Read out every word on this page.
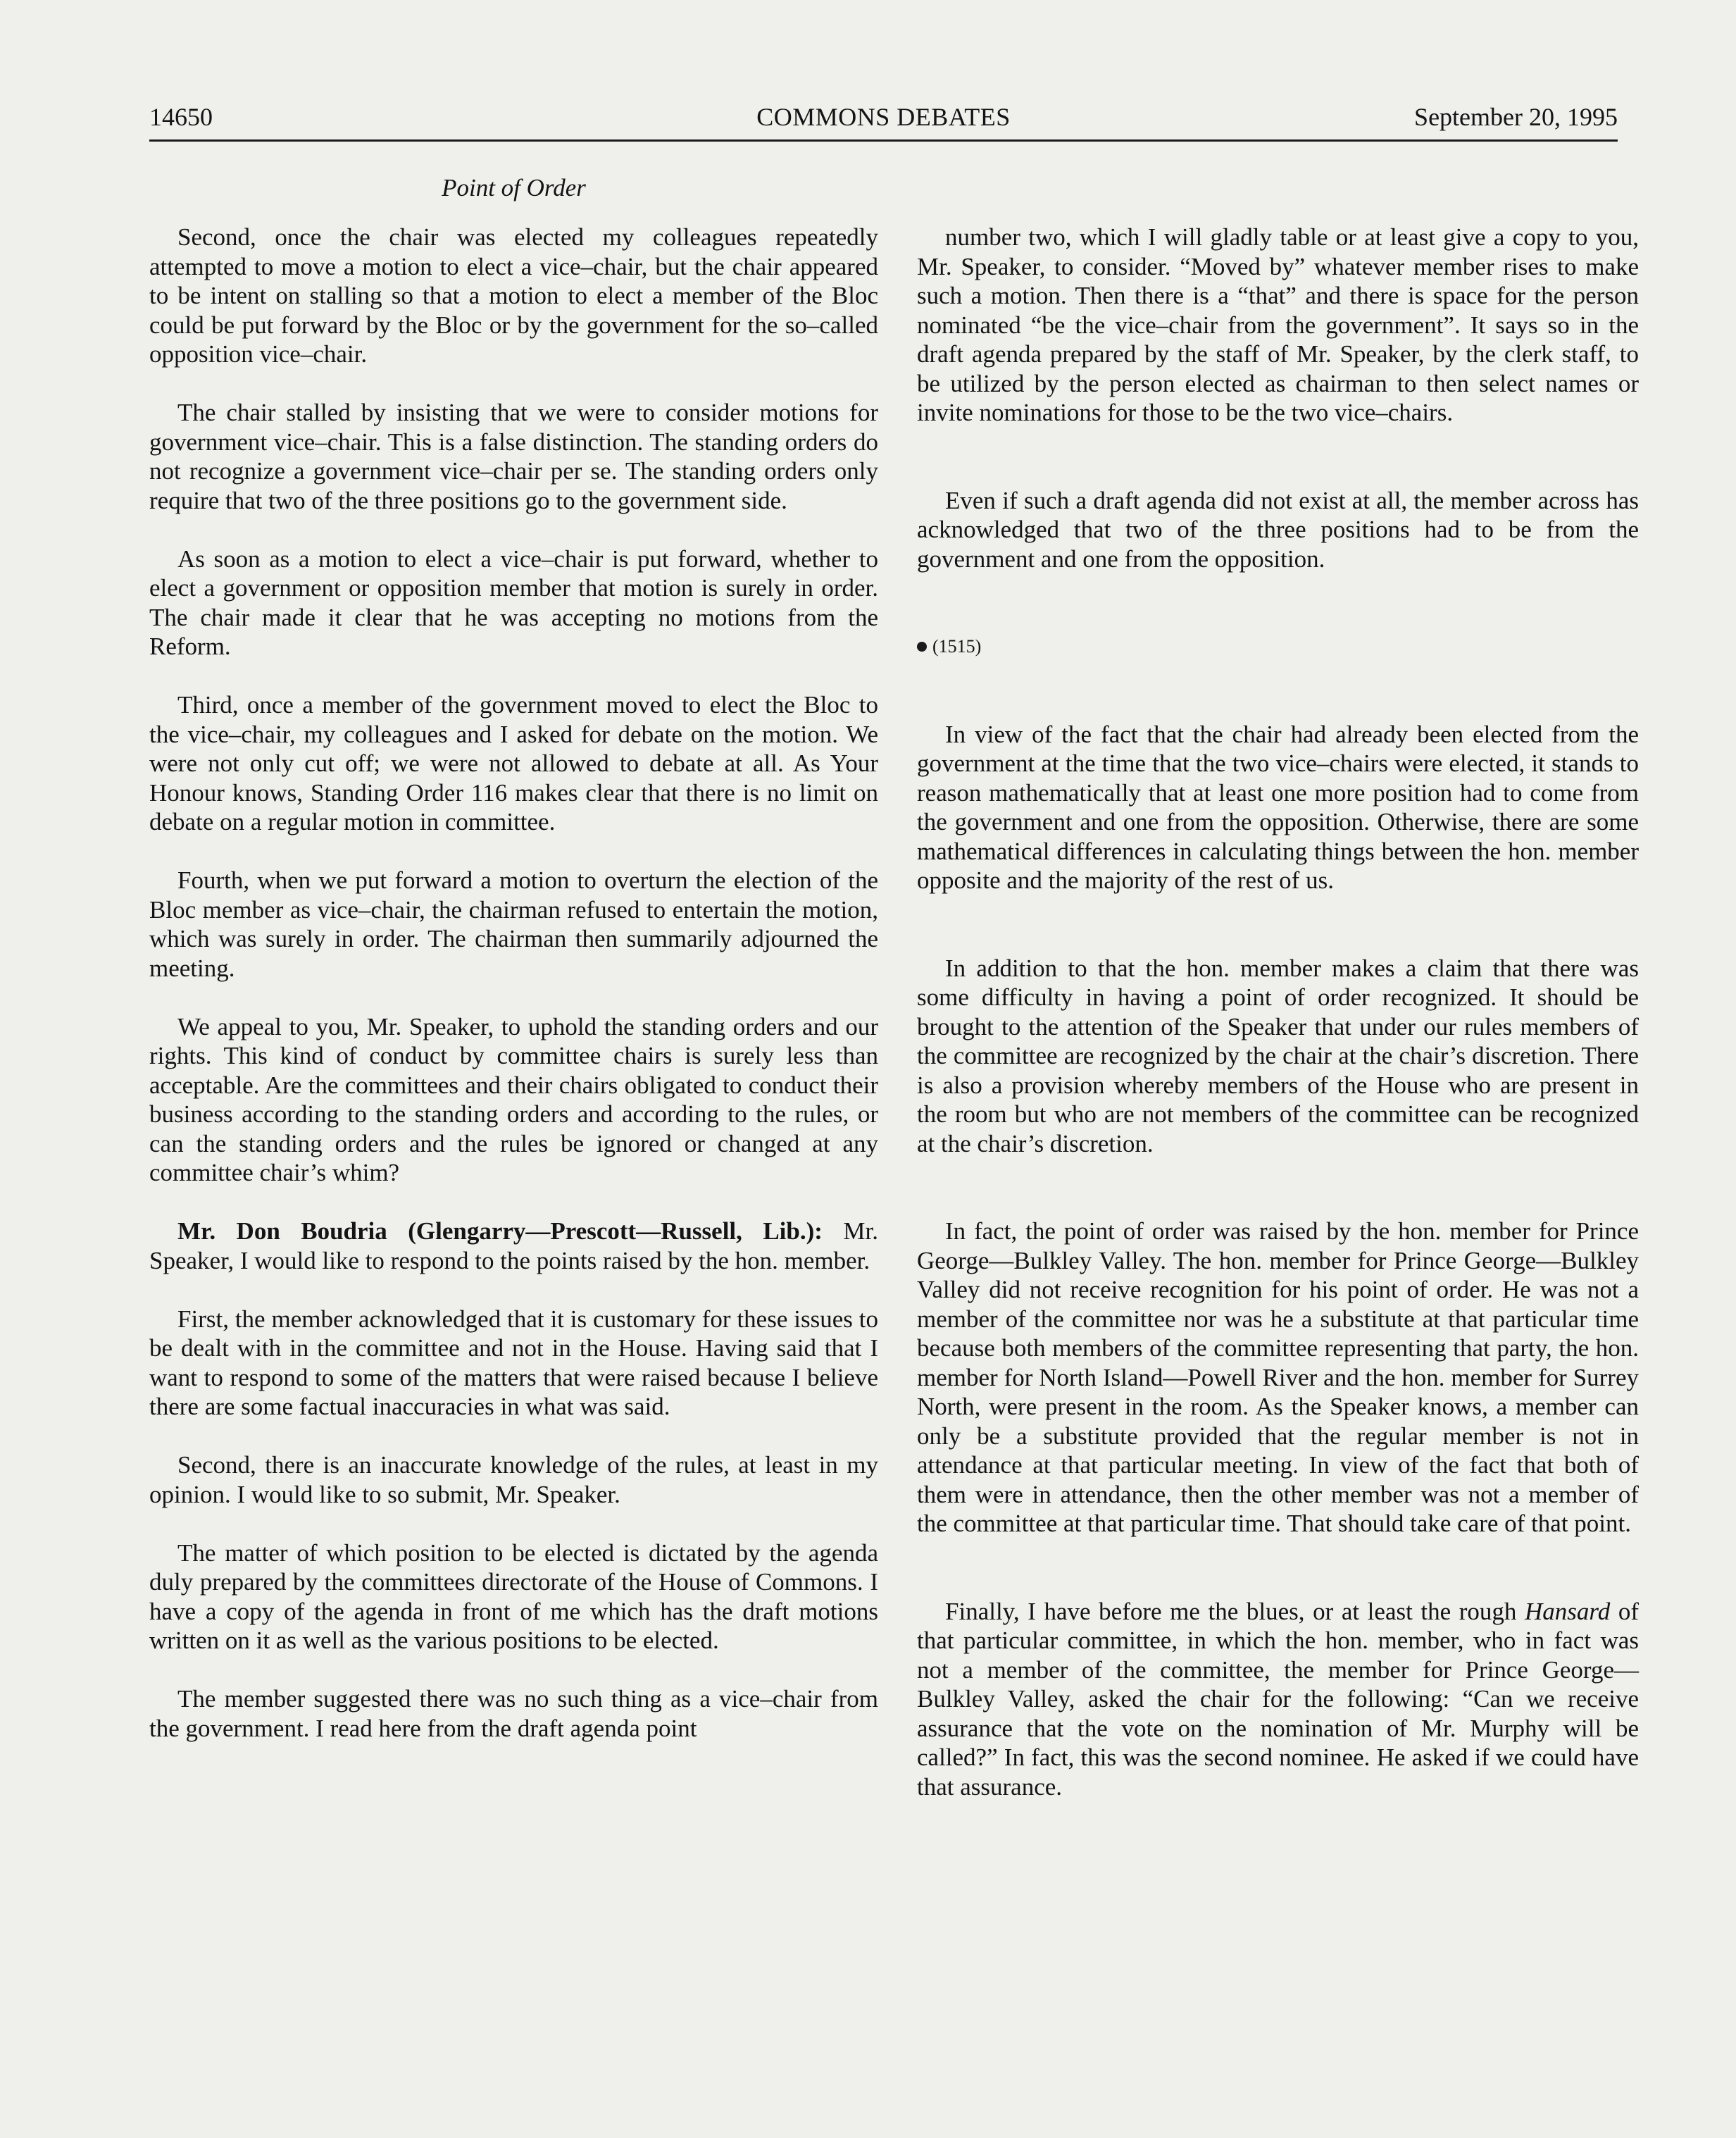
14650	COMMONS DEBATES	September 20, 1995
Point of Order

Second, once the chair was elected my colleagues repeatedly attempted to move a motion to elect a vice–chair, but the chair appeared to be intent on stalling so that a motion to elect a member of the Bloc could be put forward by the Bloc or by the government for the so–called opposition vice–chair.

The chair stalled by insisting that we were to consider motions for government vice–chair. This is a false distinction. The standing orders do not recognize a government vice–chair per se. The standing orders only require that two of the three positions go to the government side.

As soon as a motion to elect a vice–chair is put forward, whether to elect a government or opposition member that motion is surely in order. The chair made it clear that he was accepting no motions from the Reform.

Third, once a member of the government moved to elect the Bloc to the vice–chair, my colleagues and I asked for debate on the motion. We were not only cut off; we were not allowed to debate at all. As Your Honour knows, Standing Order 116 makes clear that there is no limit on debate on a regular motion in committee.

Fourth, when we put forward a motion to overturn the election of the Bloc member as vice–chair, the chairman refused to entertain the motion, which was surely in order. The chairman then summarily adjourned the meeting.

We appeal to you, Mr. Speaker, to uphold the standing orders and our rights. This kind of conduct by committee chairs is surely less than acceptable. Are the committees and their chairs obligated to conduct their business according to the standing orders and according to the rules, or can the standing orders and the rules be ignored or changed at any committee chair’s whim?

Mr. Don Boudria (Glengarry—Prescott—Russell, Lib.): Mr. Speaker, I would like to respond to the points raised by the hon. member.

First, the member acknowledged that it is customary for these issues to be dealt with in the committee and not in the House. Having said that I want to respond to some of the matters that were raised because I believe there are some factual inaccuracies in what was said.

Second, there is an inaccurate knowledge of the rules, at least in my opinion. I would like to so submit, Mr. Speaker.

The matter of which position to be elected is dictated by the agenda duly prepared by the committees directorate of the House of Commons. I have a copy of the agenda in front of me which has the draft motions written on it as well as the various positions to be elected.

The member suggested there was no such thing as a vice–chair from the government. I read here from the draft agenda point

number two, which I will gladly table or at least give a copy to you, Mr. Speaker, to consider. “Moved by” whatever member rises to make such a motion. Then there is a “that” and there is space for the person nominated “be the vice–chair from the government”. It says so in the draft agenda prepared by the staff of Mr. Speaker, by the clerk staff, to be utilized by the person elected as chairman to then select names or invite nominations for those to be the two vice–chairs.

Even if such a draft agenda did not exist at all, the member across has acknowledged that two of the three positions had to be from the government and one from the opposition.

(1515)

In view of the fact that the chair had already been elected from the government at the time that the two vice–chairs were elected, it stands to reason mathematically that at least one more position had to come from the government and one from the opposition. Otherwise, there are some mathematical differences in calculating things between the hon. member opposite and the majority of the rest of us.

In addition to that the hon. member makes a claim that there was some difficulty in having a point of order recognized. It should be brought to the attention of the Speaker that under our rules members of the committee are recognized by the chair at the chair’s discretion. There is also a provision whereby members of the House who are present in the room but who are not members of the committee can be recognized at the chair’s discretion.

In fact, the point of order was raised by the hon. member for Prince George—Bulkley Valley. The hon. member for Prince George—Bulkley Valley did not receive recognition for his point of order. He was not a member of the committee nor was he a substitute at that particular time because both members of the committee representing that party, the hon. member for North Island—Powell River and the hon. member for Surrey North, were present in the room. As the Speaker knows, a member can only be a substitute provided that the regular member is not in attendance at that particular meeting. In view of the fact that both of them were in attendance, then the other member was not a member of the committee at that particular time. That should take care of that point.

Finally, I have before me the blues, or at least the rough Hansard of that particular committee, in which the hon. member, who in fact was not a member of the committee, the member for Prince George—Bulkley Valley, asked the chair for the following: “Can we receive assurance that the vote on the nomination of Mr. Murphy will be called?” In fact, this was the second nominee. He asked if we could have that assurance.
